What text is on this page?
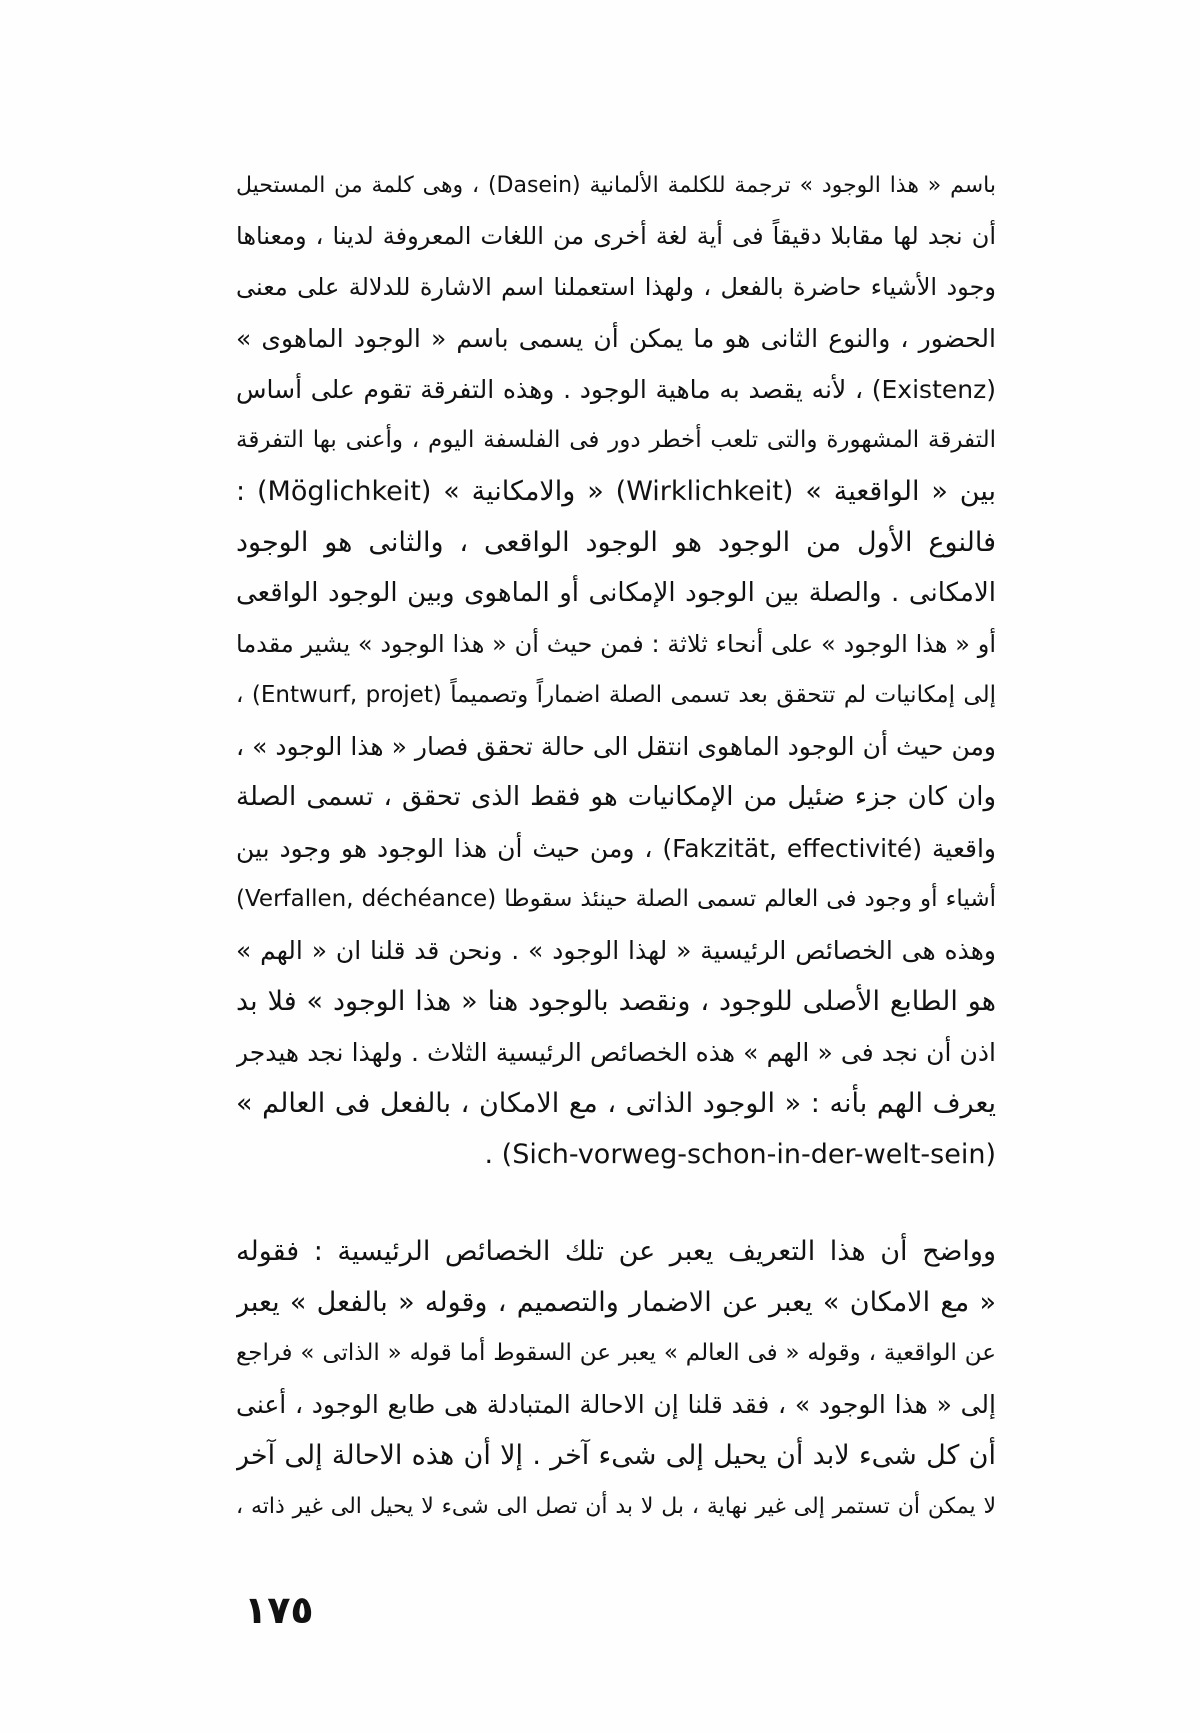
باسم « هذا الوجود » ترجمة للكلمة الألمانية (Dasein) ، وهى كلمة من المستحيل
أن نجد لها مقابلا دقيقاً فى أية لغة أخرى من اللغات المعروفة لدينا ، ومعناها
وجود الأشياء حاضرة بالفعل ، ولهذا استعملنا اسم الاشارة للدلالة على معنى
الحضور ، والنوع الثانى هو ما يمكن أن يسمى باسم « الوجود الماهوى »
(Existenz) ، لأنه يقصد به ماهية الوجود . وهذه التفرقة تقوم على أساس
التفرقة المشهورة والتى تلعب أخطر دور فى الفلسفة اليوم ، وأعنى بها التفرقة
بين « الواقعية » (Wirklichkeit) « والامكانية » (Möglichkeit) :
فالنوع الأول من الوجود هو الوجود الواقعى ، والثانى هو الوجود
الامكانى . والصلة بين الوجود الإمكانى أو الماهوى وبين الوجود الواقعى
أو « هذا الوجود » على أنحاء ثلاثة : فمن حيث أن « هذا الوجود » يشير مقدما
إلى إمكانيات لم تتحقق بعد تسمى الصلة اضماراً وتصميماً (Entwurf, projet) ،
ومن حيث أن الوجود الماهوى انتقل الى حالة تحقق فصار « هذا الوجود » ،
وان كان جزء ضئيل من الإمكانيات هو فقط الذى تحقق ، تسمى الصلة
واقعية (Fakzität, effectivité) ، ومن حيث أن هذا الوجود هو وجود بين
أشياء أو وجود فى العالم تسمى الصلة حينئذ سقوطا (Verfallen, déchéance)
وهذه هى الخصائص الرئيسية « لهذا الوجود » . ونحن قد قلنا ان « الهم »
هو الطابع الأصلى للوجود ، ونقصد بالوجود هنا « هذا الوجود » فلا بد
اذن أن نجد فى « الهم » هذه الخصائص الرئيسية الثلاث . ولهذا نجد هيدجر
يعرف الهم بأنه : « الوجود الذاتى ، مع الامكان ، بالفعل فى العالم »
(Sich-vorweg-schon-in-der-welt-sein) .
وواضح أن هذا التعريف يعبر عن تلك الخصائص الرئيسية : فقوله
« مع الامكان » يعبر عن الاضمار والتصميم ، وقوله « بالفعل » يعبر
عن الواقعية ، وقوله « فى العالم » يعبر عن السقوط أما قوله « الذاتى » فراجع
إلى « هذا الوجود » ، فقد قلنا إن الاحالة المتبادلة هى طابع الوجود ، أعنى
أن كل شىء لابد أن يحيل إلى شىء آخر . إلا أن هذه الاحالة إلى آخر
لا يمكن أن تستمر إلى غير نهاية ، بل لا بد أن تصل الى شىء لا يحيل الى غير ذاته ،
١٧٥
